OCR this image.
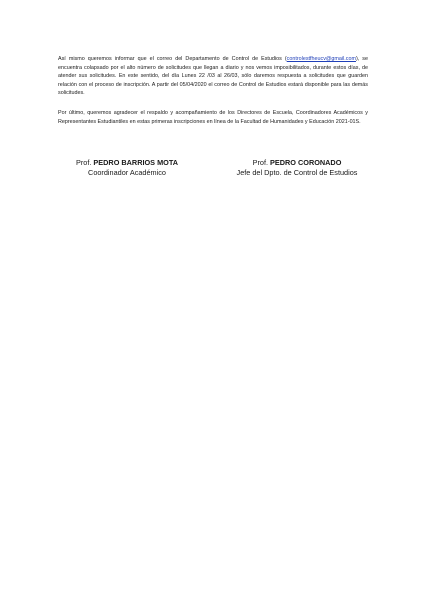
Así mismo queremos informar que el correo del Departamento de Control de Estudios (controlestfheucv@gmail.com), se encuentra colapsado por el alto número de solicitudes que llegan a diario y nos vemos imposibilitados, durante estos días, de atender sus solicitudes. En este sentido, del día Lunes 22 /03 al 26/03, sólo daremos respuesta a solicitudes que guarden relación con el proceso de inscripción. A partir del 05/04/2020 el correo de Control de Estudios estará disponible para las demás solicitudes.

Por último, queremos agradecer el respaldo y acompañamiento de los Directores de Escuela, Coordinadores Académicos y Representantes Estudiantiles en estas primeras inscripciones en línea de la Facultad de Humanidades y Educación 2021-01S.

Prof. PEDRO BARRIOS MOTA
Coordinador Académico
Prof. PEDRO CORONADO
Jefe del Dpto. de Control de Estudios
